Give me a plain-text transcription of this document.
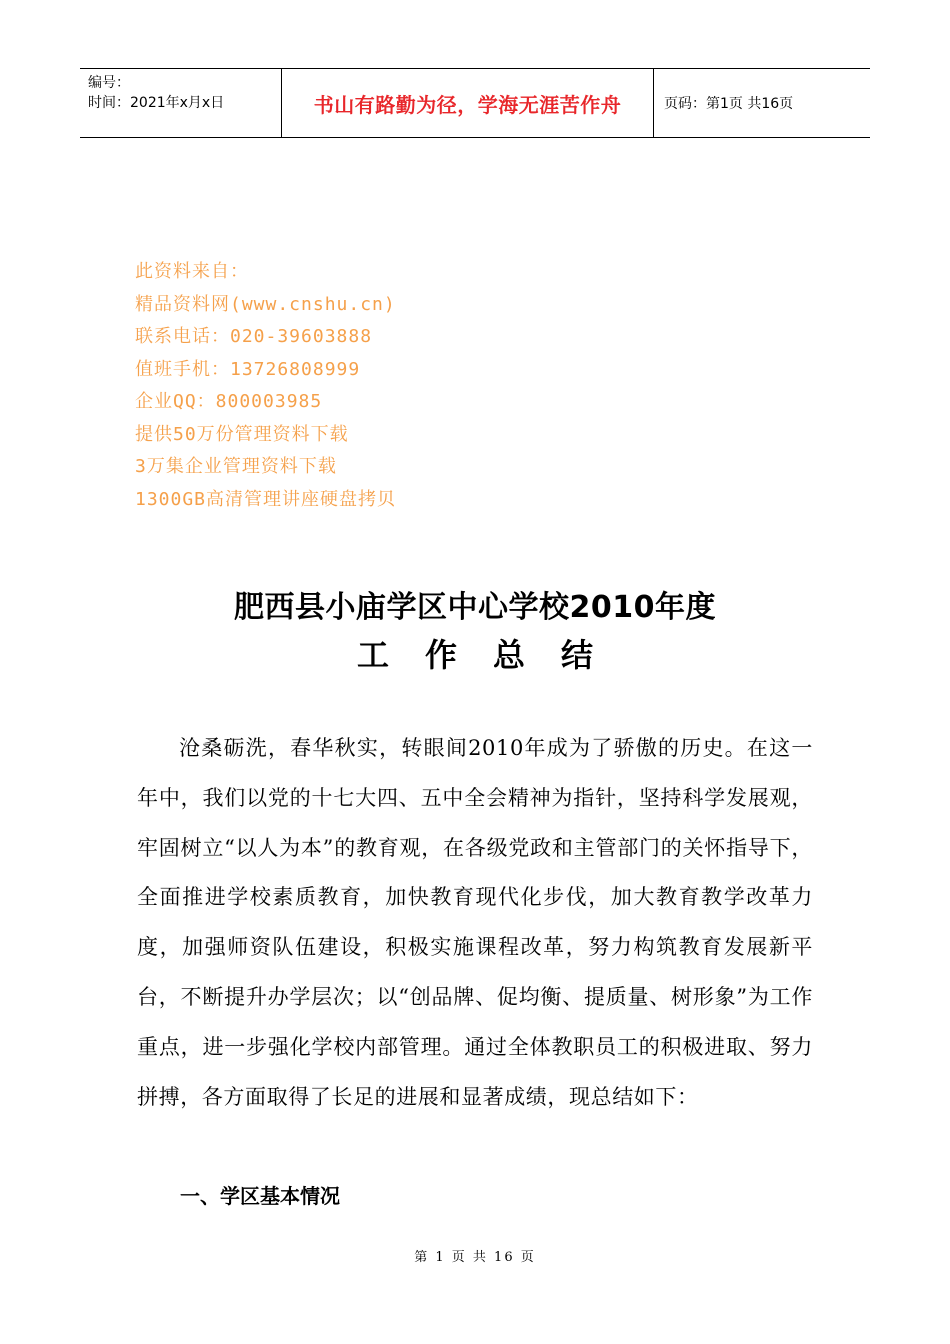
编号：
时间：2021年x月x日	书山有路勤为径，学海无涯苦作舟	页码：第1页 共16页
此资料来自：
精品资料网(www.cnshu.cn)
联系电话：020-39603888
值班手机：13726808999
企业QQ：800003985
提供50万份管理资料下载
3万集企业管理资料下载
1300GB高清管理讲座硬盘拷贝
肥西县小庙学区中心学校2010年度
工作总结
沧桑砺洗，春华秋实，转眼间2010年成为了骄傲的历史。在这一年中，我们以党的十七大四、五中全会精神为指针，坚持科学发展观，牢固树立“以人为本”的教育观，在各级党政和主管部门的关怀指导下，全面推进学校素质教育，加快教育现代化步伐，加大教育教学改革力度，加强师资队伍建设，积极实施课程改革，努力构筑教育发展新平台，不断提升办学层次；以“创品牌、促均衡、提质量、树形象”为工作重点，进一步强化学校内部管理。通过全体教职员工的积极进取、努力拼搏，各方面取得了长足的进展和显著成绩，现总结如下：
一、学区基本情况
第 1 页 共 16 页
